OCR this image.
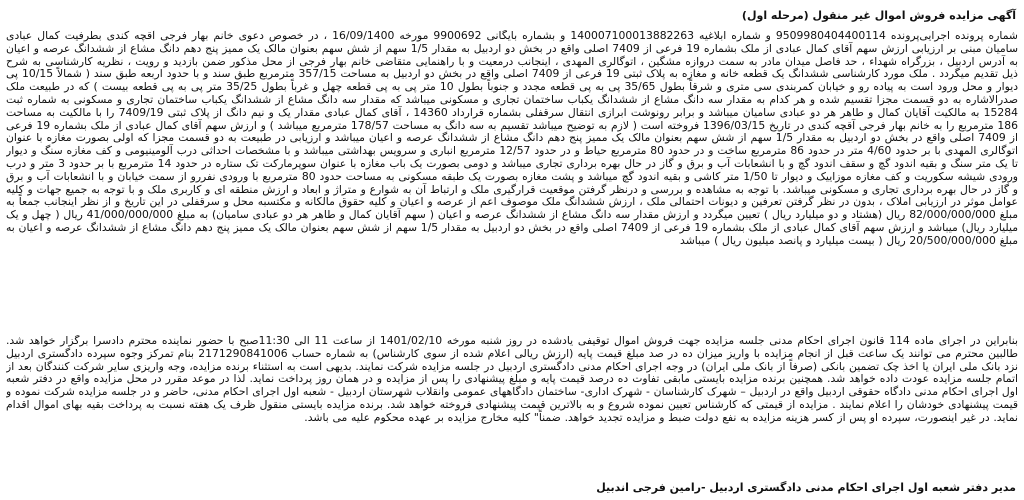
آگهی مزایده فروش اموال غیر منقول (مرحله اول)
شماره پرونده اجرایی‌پرونده 9509980404400114 و شماره ابلاغیه 140007100013882263 و بشماره بایگانی 9900692 مورخه 16/09/1400 ، در خصوص دعوی خانم بهار فرجی آقچه کندی بطرفیت کمال عبادی سامیان مبنی بر ارزیابی ارزش سهم آقای کمال عبادی از ملک بشماره 19 فرعی از 7409 اصلی واقع در بخش دو اردبیل به مقدار 1/5 سهم از شش سهم بعنوان مالک یک ممیز پنج دهم دانگ مشاع از ششدانگ عرصه و اعیان به آدرس اردبیل ، بزرگراه شهداء ، حد فاصل میدان مادر به سمت دروازه مشگین ، اتوگالری المهدی ، اینجانب درمعیت و با راهنمایی متقاضی خانم بهار فرجی از محل مذکور ضمن بازدید و رویت ، نظریه کارشناسی به شرح ذیل تقدیم میگردد . ملک مورد کارشناسی ششدانگ یک قطعه خانه و مغازه به پلاک ثبتی 19 فرعی از 7409 اصلی واقع در بخش دو اردبیل به مساحت 357/15 مترمربع طبق سند و با حدود اربعه طبق سند ( شمالاً 10/15 پی دیوار و محل ورود است به پیاده رو و خیابان کمربندی سی متری و شرقاً بطول 35/65 پی به پی قطعه مجدد و جنوباً بطول 10 متر پی به پی قطعه چهل و غرباً بطول 35/25 متر پی به پی قطعه بیست ) که در طبیعت ملک صدرالاشاره به دو قسمت مجزا تقسیم شده و هر کدام به مقدار سه دانگ مشاع از ششدانگ یکباب ساختمان تجاری و مسکونی میباشد که مقدار سه دانگ مشاع از ششدانگ یکباب ساختمان تجاری و مسکونی به شماره ثبت 15284 به مالکیت آقایان کمال و طاهر هر دو عبادی سامیان میباشد و برابر رونوشت ابرازی انتقال سرقفلی بشماره قرارداد 14360 ، آقای کمال عبادی مقدار یک و نیم دانگ از پلاک ثبتی 7409/19 را با مالکیت به مساحت 186 مترمربع را به خانم بهار فرجی آقچه کندی در تاریخ 1396/03/15 فروخته است ( لازم به توضیح میباشد تقسیم به سه دانگ به مساحت 178/57 مترمربع میباشد ) و ارزش سهم آقای کمال عبادی از ملک بشماره 19 فرعی از 7409 اصلی واقع در بخش دو اردبیل به مقدار 1/5 سهم از شش سهم بعنوان مالک یک ممیز پنج دهم دانگ مشاع از ششدانگ عرصه و اعیان میباشد و ارزیابی در طبیعت به دو قسمت مجزا که اولی بصورت مغازه با عنوان اتوگالری المهدی با بر حدود 4/60 متر در حدود 86 مترمربع ساخت و در حدود 80 مترمربع حیاط و در حدود 12/57 مترمربع انباری و سرویس بهداشتی میباشد و با مشخصات احداثی درب آلومینیومی و کف مغازه سنگ و دیوار تا یک متر سنگ و بقیه اندود گچ و سقف اندود گچ و با انشعابات آب و برق و گاز در حال بهره برداری تجاری میباشد و دومی بصورت یک باب مغازه با عنوان سوپرمارکت تک ستاره در حدود 14 مترمربع با بر حدود 3 متر و درب ورودی شیشه سکوریت و کف مغازه موزاییک و دیوار تا 1/50 متر کاشی و بقیه اندود گچ میباشد و پشت مغازه بصورت یک طبقه مسکونی به مساحت حدود 80 مترمربع با ورودی نفررو از سمت خیابان و با انشعابات آب و برق و گاز در حال بهره برداری تجاری و مسکونی میباشد. با توجه به مشاهده و بررسی و درنظر گرفتن موقعیت قرارگیری ملک و ارتباط آن به شوارع و متراژ و ابعاد و ارزش منطقه ای و کاربری ملک و با توجه به جمیع جهات و کلیه عوامل موثر در ارزیابی املاک ، بدون در نظر گرفتن تعرفین و دیونات احتمالی ملک ، ارزش ششدانگ ملک موصوف اعم از عرصه و اعیان و کلیه حقوق مالکانه و مکتسبه محل و سرقفلی در این تاریخ و از نظر اینجانب جمعاً به مبلغ 82/000/000/000 ریال (هشتاد و دو میلیارد ریال ) تعیین میگردد و ارزش مقدار سه دانگ مشاع از ششدانگ عرصه و اعیان ( سهم آقایان کمال و طاهر هر دو عبادی سامیان) به مبلغ 41/000/000/000 ریال ( چهل و یک میلیارد ریال) میباشد و ارزش سهم آقای کمال عبادی از ملک بشماره 19 فرعی از 7409 اصلی واقع در بخش دو اردبیل به مقدار 1/5 سهم از شش سهم بعنوان مالک یک ممیز پنج دهم دانگ مشاع از ششدانگ عرصه و اعیان به مبلغ 20/500/000/000 ریال ( بیست میلیارد و پانصد میلیون ریال ) میباشد
بنابراین در اجرای ماده 114 قانون اجرای احکام مدنی جلسه مزایده جهت فروش اموال توقیفی یادشده در روز شنبه مورخه 1401/02/10 از ساعت 11 الی 11:30صبح با حضور نماینده محترم دادسرا برگزار خواهد شد. طالبین محترم می توانند یک ساعت قبل از انجام مزایده با واریز میزان ده در صد مبلغ قیمت پایه (ارزش ریالی اعلام شده از سوی کارشناس) به شماره حساب 2171290841006 بنام تمرکز وجوه سپرده دادگستری اردبیل نزد بانک ملی ایران یا اخذ چک تضمین بانکی (صرفاً از بانک ملی ایران) در وجه اجرای احکام مدنی دادگستری اردبیل در جلسه مزایده شرکت نمایند. بدیهی است به استثناء برنده مزایده، وجه واریزی سایر شرکت کنندگان بعد از اتمام جلسه مزایده عودت داده خواهد شد. همچنین برنده مزایده بایستی مابقی تفاوت ده درصد قیمت پایه و مبلغ پیشنهادی را پس از مزایده و در همان روز پرداخت نماید. لذا در موعد مقرر در محل مزایده واقع در دفتر شعبه اول اجرای احکام مدنی دادگاه حقوقی اردبیل واقع در اردبیل – شهرک کارشناسان - شهرک اداری- ساختمان دادگاههای عمومی وانقلاب شهرستان اردبیل - شعبه اول اجرای احکام مدنی، حاضر و در جلسه مزایده شرکت نموده و قیمت پیشنهادی خودشان را اعلام نمایند . مزایده از قیمتی که کارشناس تعیین نموده شروع و به بالاترین قیمت پیشنهادی فروخته خواهد شد. برنده مزایده بایستی منقول ظرف یک هفته نسبت به پرداخت بقیه بهای اموال اقدام نماید. در غیر اینصورت، سپرده او پس از کسر هزینه مزایده به نفع دولت ضبط و مزایده تجدید خواهد. ضمناً" کلیه مخارج مزایده بر عهده محکوم علیه می باشد.
مدیر دفتر شعبه اول اجرای احکام مدنی دادگستری اردبیل -رامین فرجی اندبیل
